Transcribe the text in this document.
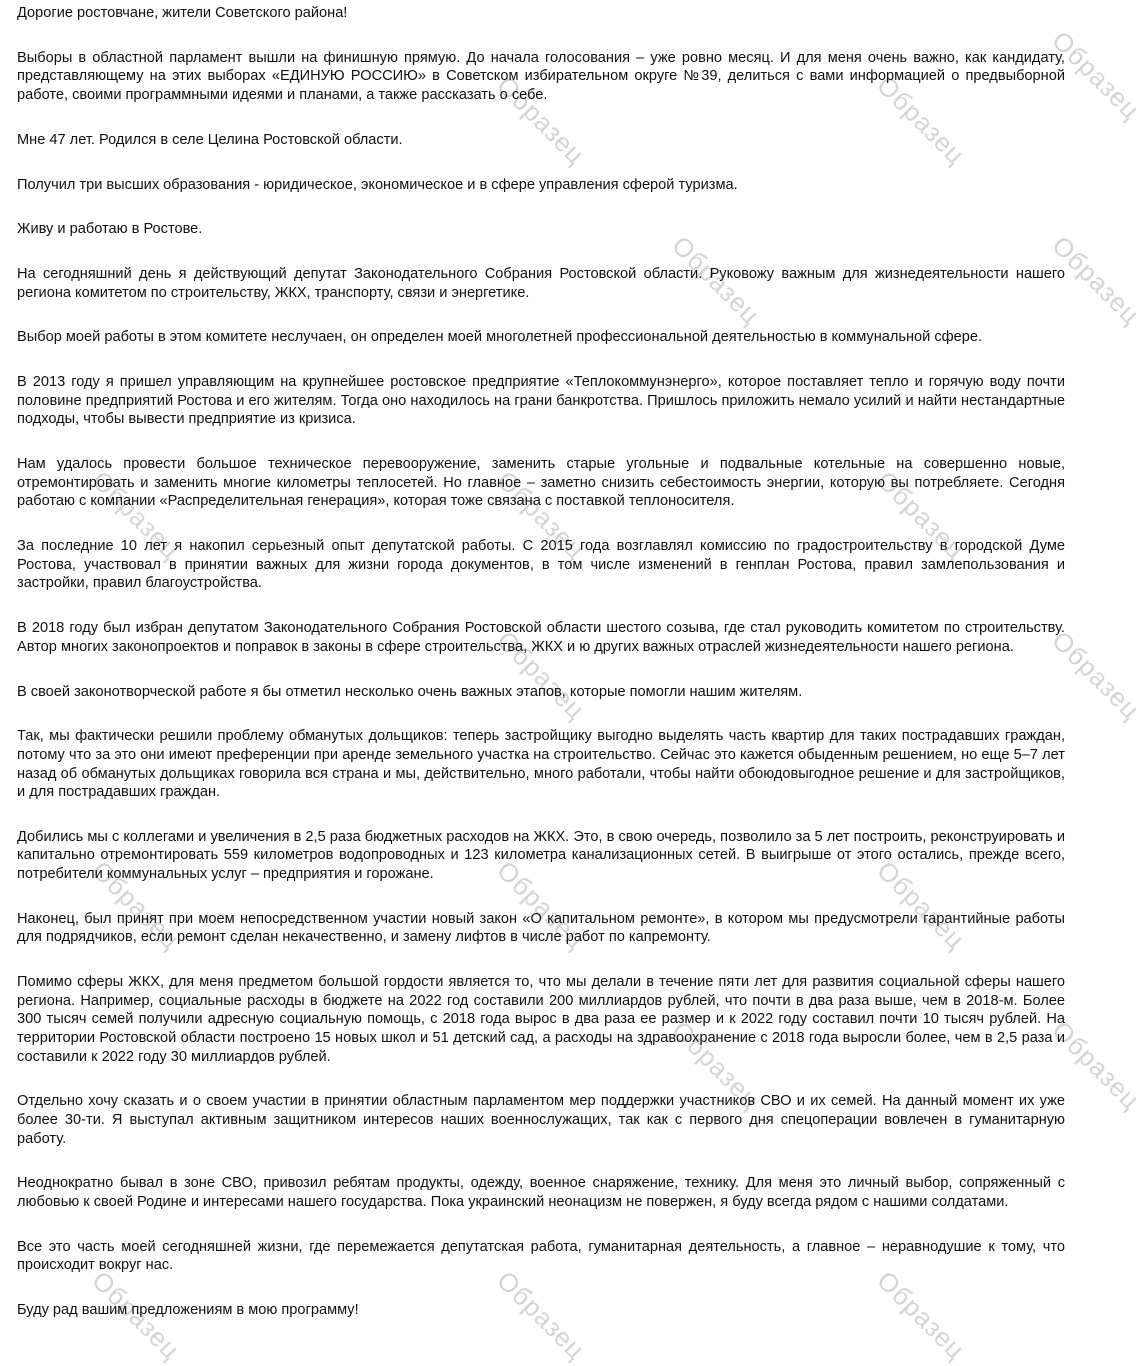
Образец
Образец
Образец
Образец
Образец
Образец
Образец
Образец
Образец
Образец
Образец
Образец
Образец
Образец
Образец
Образец
Образец
Образец

Дорогие ростовчане, жители Советского района!

Выборы в областной парламент вышли на финишную прямую. До начала голосования – уже ровно месяц. И для меня очень важно, как кандидату, представляющему на этих выборах «ЕДИНУЮ РОССИЮ» в Советском избирательном округе №39, делиться с вами информацией о предвыборной работе, своими программными идеями и планами, а также рассказать о себе.

Мне 47 лет. Родился в селе Целина Ростовской области.

Получил три высших образования - юридическое, экономическое и в сфере управления сферой туризма.

Живу и работаю в Ростове.

На сегодняшний день я действующий депутат Законодательного Собрания Ростовской области. Руковожу важным для жизнедеятельности нашего региона комитетом по строительству, ЖКХ, транспорту, связи и энергетике.

Выбор моей работы в этом комитете неслучаен, он определен моей многолетней профессиональной деятельностью в коммунальной сфере.

В 2013 году я пришел управляющим на крупнейшее ростовское предприятие «Теплокоммунэнерго», которое поставляет тепло и горячую воду почти половине предприятий Ростова и его жителям. Тогда оно находилось на грани банкротства. Пришлось приложить немало усилий и найти нестандартные подходы, чтобы вывести предприятие из кризиса.

Нам удалось провести большое техническое перевооружение, заменить старые угольные и подвальные котельные на совершенно новые, отремонтировать и заменить многие километры теплосетей. Но главное – заметно снизить себестоимость энергии, которую вы потребляете. Сегодня работаю с компании «Распределительная генерация», которая тоже связана с поставкой теплоносителя.

За последние 10 лет я накопил серьезный опыт депутатской работы. С 2015 года возглавлял комиссию по градостроительству в городской Думе Ростова, участвовал в принятии важных для жизни города документов, в том числе изменений в генплан Ростова, правил замлепользования и застройки, правил благоустройства.

В 2018 году был избран депутатом Законодательного Собрания Ростовской области шестого созыва, где стал руководить комитетом по строительству. Автор многих законопроектов и поправок в законы в сфере строительства, ЖКХ и ю других важных отраслей жизнедеятельности нашего региона.

В своей законотворческой работе я бы отметил несколько очень важных этапов, которые помогли нашим жителям.

Так, мы фактически решили проблему обманутых дольщиков: теперь застройщику выгодно выделять часть квартир для таких пострадавших граждан, потому что за это они имеют преференции при аренде земельного участка на строительство. Сейчас это кажется обыденным решением, но еще 5–7 лет назад об обманутых дольщиках говорила вся страна и мы, действительно, много работали, чтобы найти обоюдовыгодное решение и для застройщиков, и для пострадавших граждан.

Добились мы с коллегами и увеличения в 2,5 раза бюджетных расходов на ЖКХ. Это, в свою очередь, позволило за 5 лет построить, реконструировать и капитально отремонтировать 559 километров водопроводных и 123 километра канализационных сетей. В выигрыше от этого остались, прежде всего, потребители коммунальных услуг – предприятия и горожане.

Наконец, был принят при моем непосредственном участии новый закон «О капитальном ремонте», в котором мы предусмотрели гарантийные работы для подрядчиков, если ремонт сделан некачественно, и замену лифтов в числе работ по капремонту.

Помимо сферы ЖКХ, для меня предметом большой гордости является то, что мы делали в течение пяти лет для развития социальной сферы нашего региона. Например, социальные расходы в бюджете на 2022 год составили 200 миллиардов рублей, что почти в два раза выше, чем в 2018-м. Более 300 тысяч семей получили адресную социальную помощь, с 2018 года вырос в два раза ее размер и к 2022 году составил почти 10 тысяч рублей. На территории Ростовской области построено 15 новых школ и 51 детский сад, а расходы на здравоохранение с 2018 года выросли более, чем в 2,5 раза и составили к 2022 году 30 миллиардов рублей.

Отдельно хочу сказать и о своем участии в принятии областным парламентом мер поддержки участников СВО и их семей. На данный момент их уже более 30-ти. Я выступал активным защитником интересов наших военнослужащих, так как с первого дня спецоперации вовлечен в гуманитарную работу.

Неоднократно бывал в зоне СВО, привозил ребятам продукты, одежду, военное снаряжение, технику. Для меня это личный выбор, сопряженный с любовью к своей Родине и интересами нашего государства. Пока украинский неонацизм не повержен, я буду всегда рядом с нашими солдатами.

Все это часть моей сегодняшней жизни, где перемежается депутатская работа, гуманитарная деятельность, а главное – неравнодушие к тому, что происходит вокруг нас.

Буду рад вашим предложениям в мою программу!
